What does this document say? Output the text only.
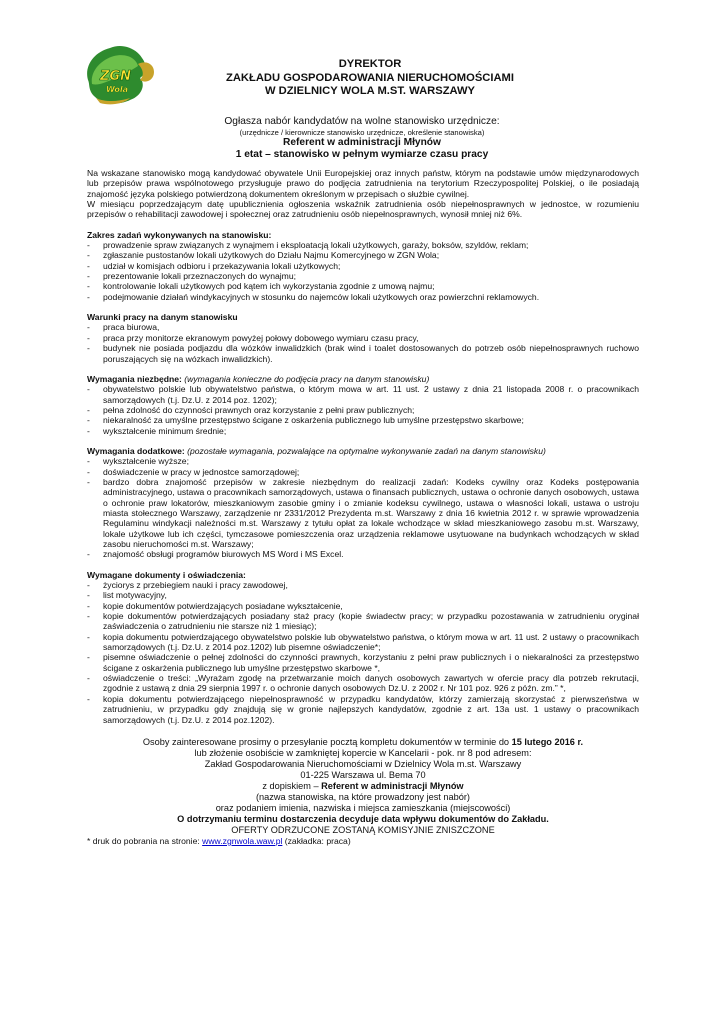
ZGN
Wola
DYREKTOR
ZAKŁADU GOSPODAROWANIA NIERUCHOMOŚCIAMI
W DZIELNICY WOLA M.ST. WARSZAWY
Ogłasza nabór kandydatów na wolne stanowisko urzędnicze:
(urzędnicze / kierownicze stanowisko urzędnicze, określenie stanowiska)
Referent w administracji Młynów
1 etat – stanowisko w pełnym wymiarze czasu pracy

Na wskazane stanowisko mogą kandydować obywatele Unii Europejskiej oraz innych państw, którym na podstawie umów międzynarodowych lub przepisów prawa wspólnotowego przysługuje prawo do podjęcia zatrudnienia na terytorium Rzeczypospolitej Polskiej, o ile posiadają znajomość języka polskiego potwierdzoną dokumentem określonym w przepisach o służbie cywilnej.

W miesiącu poprzedzającym datę upublicznienia ogłoszenia wskaźnik zatrudnienia osób niepełnosprawnych w jednostce, w rozumieniu przepisów o rehabilitacji zawodowej i społecznej oraz zatrudnieniu osób niepełnosprawnych, wynosił mniej niż 6%.

Zakres zadań wykonywanych na stanowisku:

- prowadzenie spraw związanych z wynajmem i eksploatacją lokali użytkowych, garaży, boksów, szyldów, reklam;
- zgłaszanie pustostanów lokali użytkowych do Działu Najmu Komercyjnego w ZGN Wola;
- udział w komisjach odbioru i przekazywania lokali użytkowych;
- prezentowanie lokali przeznaczonych do wynajmu;
- kontrolowanie lokali użytkowych pod kątem ich wykorzystania zgodnie z umową najmu;
- podejmowanie działań windykacyjnych w stosunku do najemców lokali użytkowych oraz powierzchni reklamowych.

Warunki pracy na danym stanowisku

- praca biurowa,
- praca przy monitorze ekranowym powyżej połowy dobowego wymiaru czasu pracy,
- budynek nie posiada podjazdu dla wózków inwalidzkich (brak wind i toalet dostosowanych do potrzeb osób niepełnosprawnych ruchowo poruszających się na wózkach inwalidzkich).

Wymagania niezbędne: (wymagania konieczne do podjęcia pracy na danym stanowisku)

- obywatelstwo polskie lub obywatelstwo państwa, o którym mowa w art. 11 ust. 2 ustawy z dnia 21 listopada 2008 r. o pracownikach samorządowych (t.j. Dz.U. z 2014 poz. 1202);
- pełna zdolność do czynności prawnych oraz korzystanie z pełni praw publicznych;
- niekaralność za umyślne przestępstwo ścigane z oskarżenia publicznego lub umyślne przestępstwo skarbowe;
- wykształcenie minimum średnie;

Wymagania dodatkowe: (pozostałe wymagania, pozwalające na optymalne wykonywanie zadań na danym stanowisku)

- wykształcenie wyższe;
- doświadczenie w pracy w jednostce samorządowej;
- bardzo dobra znajomość przepisów w zakresie niezbędnym do realizacji zadań: Kodeks cywilny oraz Kodeks postępowania administracyjnego, ustawa o pracownikach samorządowych, ustawa o finansach publicznych, ustawa o ochronie danych osobowych, ustawa o ochronie praw lokatorów, mieszkaniowym zasobie gminy i o zmianie kodeksu cywilnego, ustawa o własności lokali, ustawa o ustroju miasta stołecznego Warszawy, zarządzenie nr 2331/2012 Prezydenta m.st. Warszawy z dnia 16 kwietnia 2012 r. w sprawie wprowadzenia Regulaminu windykacji należności m.st. Warszawy z tytułu opłat za lokale wchodzące w skład mieszkaniowego zasobu m.st. Warszawy, lokale użytkowe lub ich części, tymczasowe pomieszczenia oraz urządzenia reklamowe usytuowane na budynkach wchodzących w skład zasobu nieruchomości m.st. Warszawy;
- znajomość obsługi programów biurowych MS Word i MS Excel.

Wymagane dokumenty i oświadczenia:

- życiorys z przebiegiem nauki i pracy zawodowej,
- list motywacyjny,
- kopie dokumentów potwierdzających posiadane wykształcenie,
- kopie dokumentów potwierdzających posiadany staż pracy (kopie świadectw pracy; w przypadku pozostawania w zatrudnieniu oryginał zaświadczenia o zatrudnieniu nie starsze niż 1 miesiąc);
- kopia dokumentu potwierdzającego obywatelstwo polskie lub obywatelstwo państwa, o którym mowa w art. 11 ust. 2 ustawy o pracownikach samorządowych (t.j. Dz.U. z 2014 poz.1202) lub pisemne oświadczenie*;
- pisemne oświadczenie o pełnej zdolności do czynności prawnych, korzystaniu z pełni praw publicznych i o niekaralności za przestępstwo ścigane z oskarżenia publicznego lub umyślne przestępstwo skarbowe *,
- oświadczenie o treści: „Wyrażam zgodę na przetwarzanie moich danych osobowych zawartych w ofercie pracy dla potrzeb rekrutacji, zgodnie z ustawą z dnia 29 sierpnia 1997 r. o ochronie danych osobowych Dz.U. z 2002 r. Nr 101 poz. 926 z późn. zm.” *,
- kopia dokumentu potwierdzającego niepełnosprawność w przypadku kandydatów, którzy zamierzają skorzystać z pierwszeństwa w zatrudnieniu, w przypadku gdy znajdują się w gronie najlepszych kandydatów, zgodnie z art. 13a ust. 1 ustawy o pracownikach samorządowych (t.j. Dz.U. z 2014 poz.1202).
Osoby zainteresowane prosimy o przesyłanie pocztą kompletu dokumentów w terminie do 15 lutego 2016 r.
lub złożenie osobiście w zamkniętej kopercie w Kancelarii - pok. nr 8 pod adresem:
Zakład Gospodarowania Nieruchomościami w Dzielnicy Wola m.st. Warszawy
01-225 Warszawa ul. Bema 70
z dopiskiem – Referent w administracji Młynów
(nazwa stanowiska, na które prowadzony jest nabór)
oraz podaniem imienia, nazwiska i miejsca zamieszkania (miejscowości)
O dotrzymaniu terminu dostarczenia decyduje data wpływu dokumentów do Zakładu.
OFERTY ODRZUCONE ZOSTANĄ KOMISYJNIE ZNISZCZONE
* druk do pobrania na stronie: www.zgnwola.waw.pl (zakładka: praca)
